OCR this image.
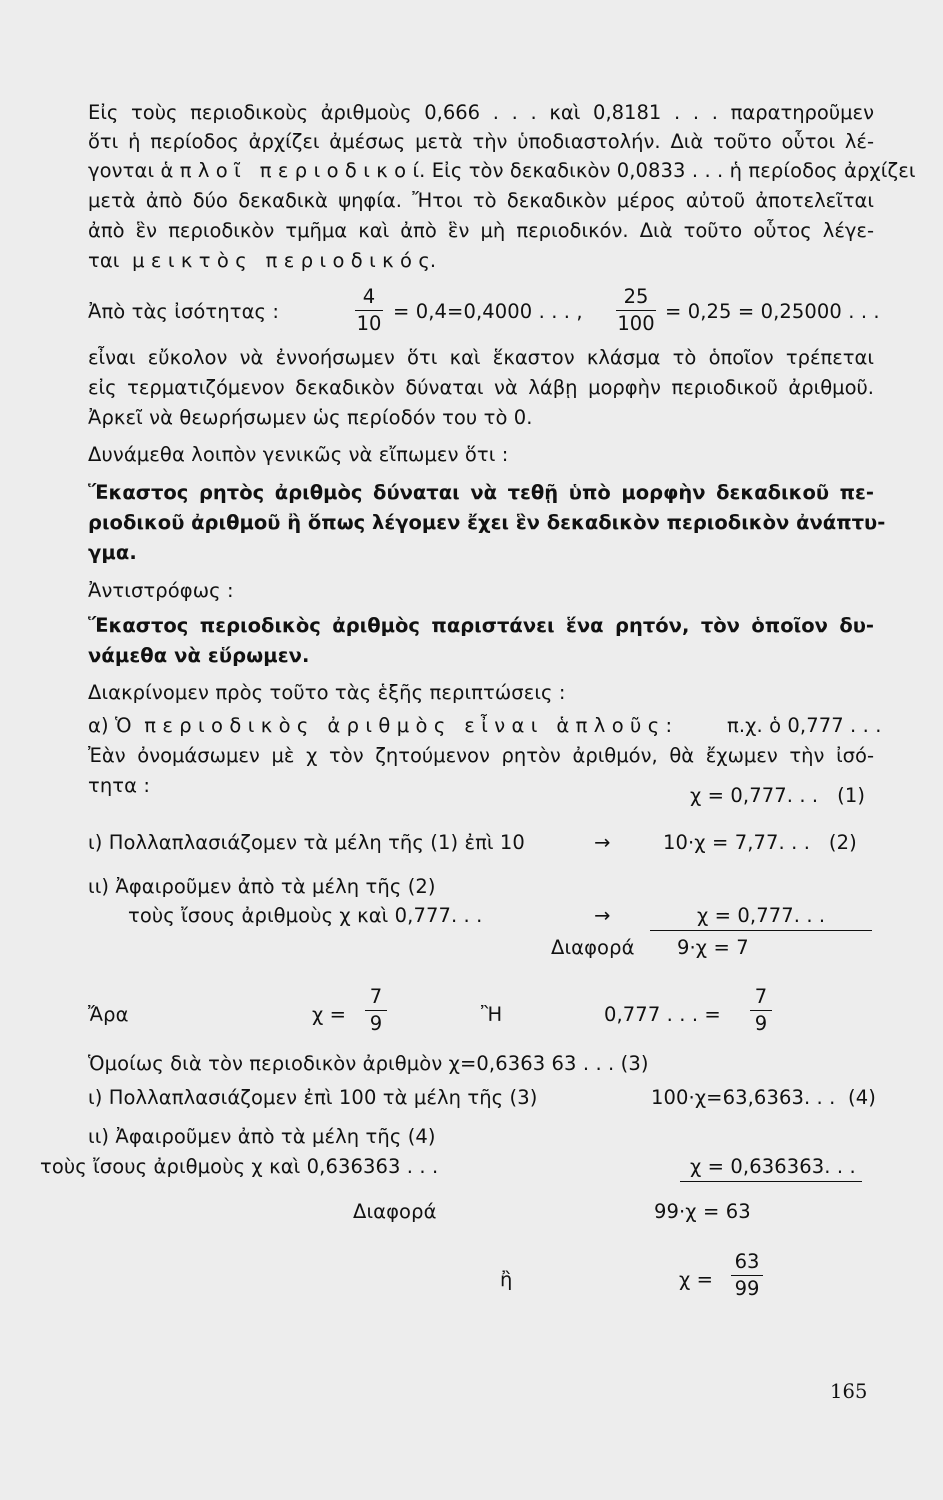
Εἰς τοὺς περιοδικοὺς ἀριθμοὺς 0,666 . . . καὶ 0,8181 . . . παρατηροῦμεν
ὅτι ἡ περίοδος ἀρχίζει ἀμέσως μετὰ τὴν ὑποδιαστολήν. Διὰ τοῦτο οὗτοι λέ-
γονται ἁ π λ ο ῖ   π ε ρ ι ο δ ι κ ο ί. Εἰς τὸν δεκαδικὸν 0,0833 . . . ἡ περίοδος ἀρχίζει
μετὰ ἀπὸ δύο δεκαδικὰ ψηφία. Ἤτοι τὸ δεκαδικὸν μέρος αὐτοῦ ἀποτελεῖται
ἀπὸ ἓν περιοδικὸν τμῆμα καὶ ἀπὸ ἓν μὴ περιοδικόν. Διὰ τοῦτο οὗτος λέγε-
ται  μ ε ι κ τ ὸ ς   π ε ρ ι ο δ ι κ ό ς.
Ἀπὸ τὰς ἰσότητας :
4
10
= 0,4=0,4000 . . . ,
25
100
= 0,25 = 0,25000 . . .
εἶναι εὔκολον νὰ ἐννοήσωμεν ὅτι καὶ ἕκαστον κλάσμα τὸ ὁποῖον τρέπεται
εἰς τερματιζόμενον δεκαδικὸν δύναται νὰ λάβῃ μορφὴν περιοδικοῦ ἀριθμοῦ.
Ἀρκεῖ νὰ θεωρήσωμεν ὡς περίοδόν του τὸ 0.
Δυνάμεθα λοιπὸν γενικῶς νὰ εἴπωμεν ὅτι :
Ἕκαστος ρητὸς ἀριθμὸς δύναται νὰ τεθῇ ὑπὸ μορφὴν δεκαδικοῦ πε-
ριοδικοῦ ἀριθμοῦ ἢ ὅπως λέγομεν ἔχει ἓν δεκαδικὸν περιοδικὸν ἀνάπτυ-
γμα.
Ἀντιστρόφως :
Ἕκαστος περιοδικὸς ἀριθμὸς παριστάνει ἕνα ρητόν, τὸν ὁποῖον δυ-
νάμεθα νὰ εὕρωμεν.
Διακρίνομεν πρὸς τοῦτο τὰς ἑξῆς περιπτώσεις :
α) Ὁ  π ε ρ ι ο δ ι κ ὸ ς   ἀ ρ ι θ μ ὸ ς   ε ἶ ν α ι   ἁ π λ ο ῦ ς :	π.χ. ὁ 0,777 . . .
Ἐὰν ὀνομάσωμεν μὲ χ τὸν ζητούμενον ρητὸν ἀριθμόν, θὰ ἔχωμεν τὴν ἰσό-
τητα :	χ = 0,777. . .   (1)
ι) Πολλαπλασιάζομεν τὰ μέλη τῆς (1) ἐπὶ 10	→	10·χ = 7,77. . .   (2)
ιι) Ἀφαιροῦμεν ἀπὸ τὰ μέλη τῆς (2)
τοὺς ἴσους ἀριθμοὺς χ καὶ 0,777. . .	→	χ = 0,777. . .
Διαφορά 9·χ = 7
Ἄρα	χ =
7
9	Ἢ	0,777 . . . =
7
9
Ὁμοίως διὰ τὸν περιοδικὸν ἀριθμὸν χ=0,6363 63 . . . (3)
ι) Πολλαπλασιάζομεν ἐπὶ 100 τὰ μέλη τῆς (3)	100·χ=63,6363. . .  (4)
ιι) Ἀφαιροῦμεν ἀπὸ τὰ μέλη τῆς (4)
τοὺς ἴσους ἀριθμοὺς χ καὶ 0,636363 . . .	χ = 0,636363. . .
Διαφορά	99·χ = 63
ἢ	χ =
63
99
165
